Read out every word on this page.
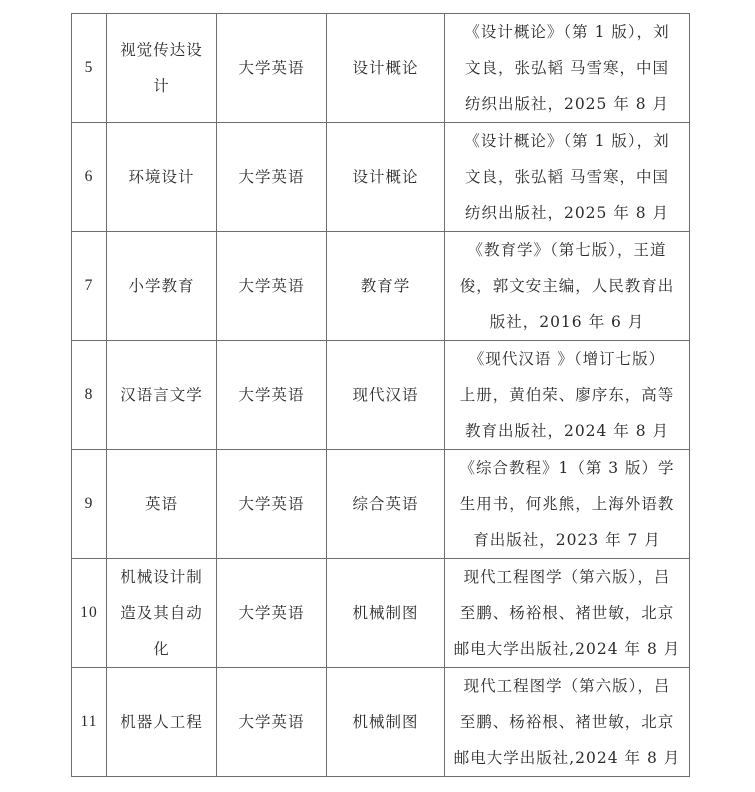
5	视觉传达设
计	大学英语	设计概论	《设计概论》（第 1 版），刘
文良，张弘韬 马雪寒，中国
纺织出版社，2025 年 8 月

6	环境设计	大学英语	设计概论	《设计概论》（第 1 版），刘
文良，张弘韬 马雪寒，中国
纺织出版社，2025 年 8 月

7	小学教育	大学英语	教育学	《教育学》（第七版），王道
俊，郭文安主编，人民教育出
版社，2016 年 6 月

8	汉语言文学	大学英语	现代汉语	《现代汉语 》（增订七版）
上册，黄伯荣、廖序东，高等
教育出版社，2024 年 8 月

9	英语	大学英语	综合英语	《综合教程》1（第 3 版）学
生用书，何兆熊，上海外语教
育出版社，2023 年 7 月

10	机械设计制
造及其自动
化	大学英语	机械制图	现代工程图学（第六版），吕
至鹏、杨裕根、褚世敏，北京
邮电大学出版社,2024 年 8 月

11	机器人工程	大学英语	机械制图	现代工程图学（第六版），吕
至鹏、杨裕根、褚世敏，北京
邮电大学出版社,2024 年 8 月
